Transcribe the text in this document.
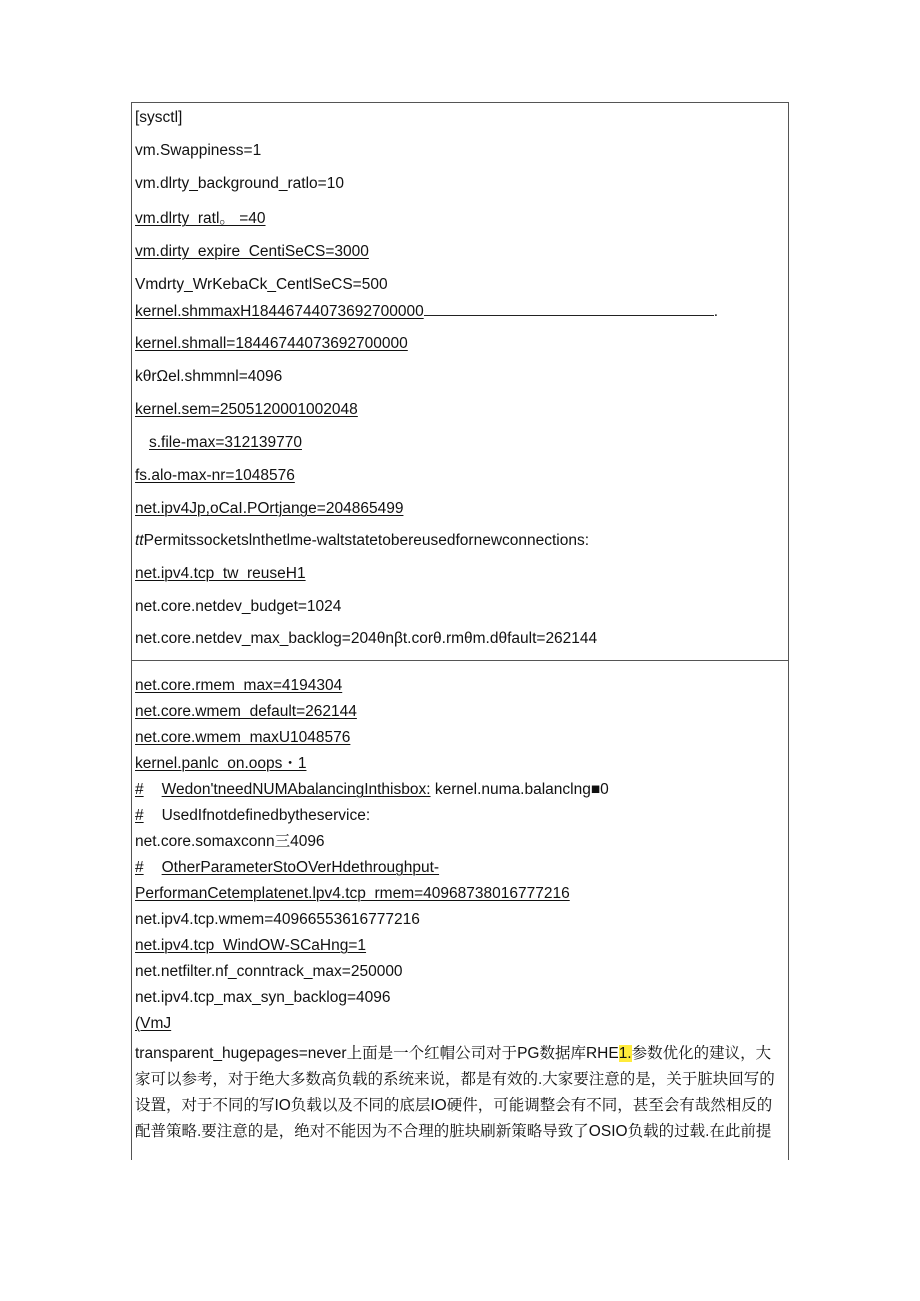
[sysctl]
vm.Swappiness=1
vm.dlrty_background_ratlo=10
vm.dlrty_ratl。 =40
vm.dirty_expire_CentiSeCS=3000
Vmdrty_WrKebaCk_CentlSeCS=500
kernel.shmmaxH18446744073692700000	.
kernel.shmall=18446744073692700000
kθrΩel.shmmnl=4096
kernel.sem=2505120001002048
s.file-max=312139770
fs.alo-max-nr=1048576
net.ipv4Jp,oCaI.POrtjange=204865499
ttPermitssocketslnthetlme-waltstatetobereusedfornewconnections:
net.ipv4.tcp_tw_reuseH1
net.core.netdev_budget=1024
net.core.netdev_max_backlog=204θnβt.corθ.rmθm.dθfault=262144
net.core.rmem_max=4194304
net.core.wmem_default=262144
net.core.wmem_maxU1048576
kernel.panlc_on.oops・1
# Wedon'tneedNUMAbalancingInthisbox: kernel.numa.balanclng■0
# UsedIfnotdefinedbytheservice:
net.core.somaxconn三4096
# OtherParameterStoOVerHdethroughput-
PerformanCetemplatenet.lpv4.tcp_rmem=40968738016777216
net.ipv4.tcp.wmem=40966553616777216
net.ipv4.tcp_WindOW-SCaHng=1
net.netfilter.nf_conntrack_max=250000
net.ipv4.tcp_max_syn_backlog=4096
(VmJ
transparent_hugepages=never上面是一个红帽公司对于PG数据库RHE1.参数优化的建议，大家可以参考，对于绝大多数高负载的系统来说，都是有效的.大家要注意的是，关于脏块回写的设置，对于不同的写IO负载以及不同的底层IO硬件，可能调整会有不同，甚至会有哉然相反的配普策略.要注意的是，绝对不能因为不合理的脏块刷新策略导致了OSIO负载的过载.在此前提
